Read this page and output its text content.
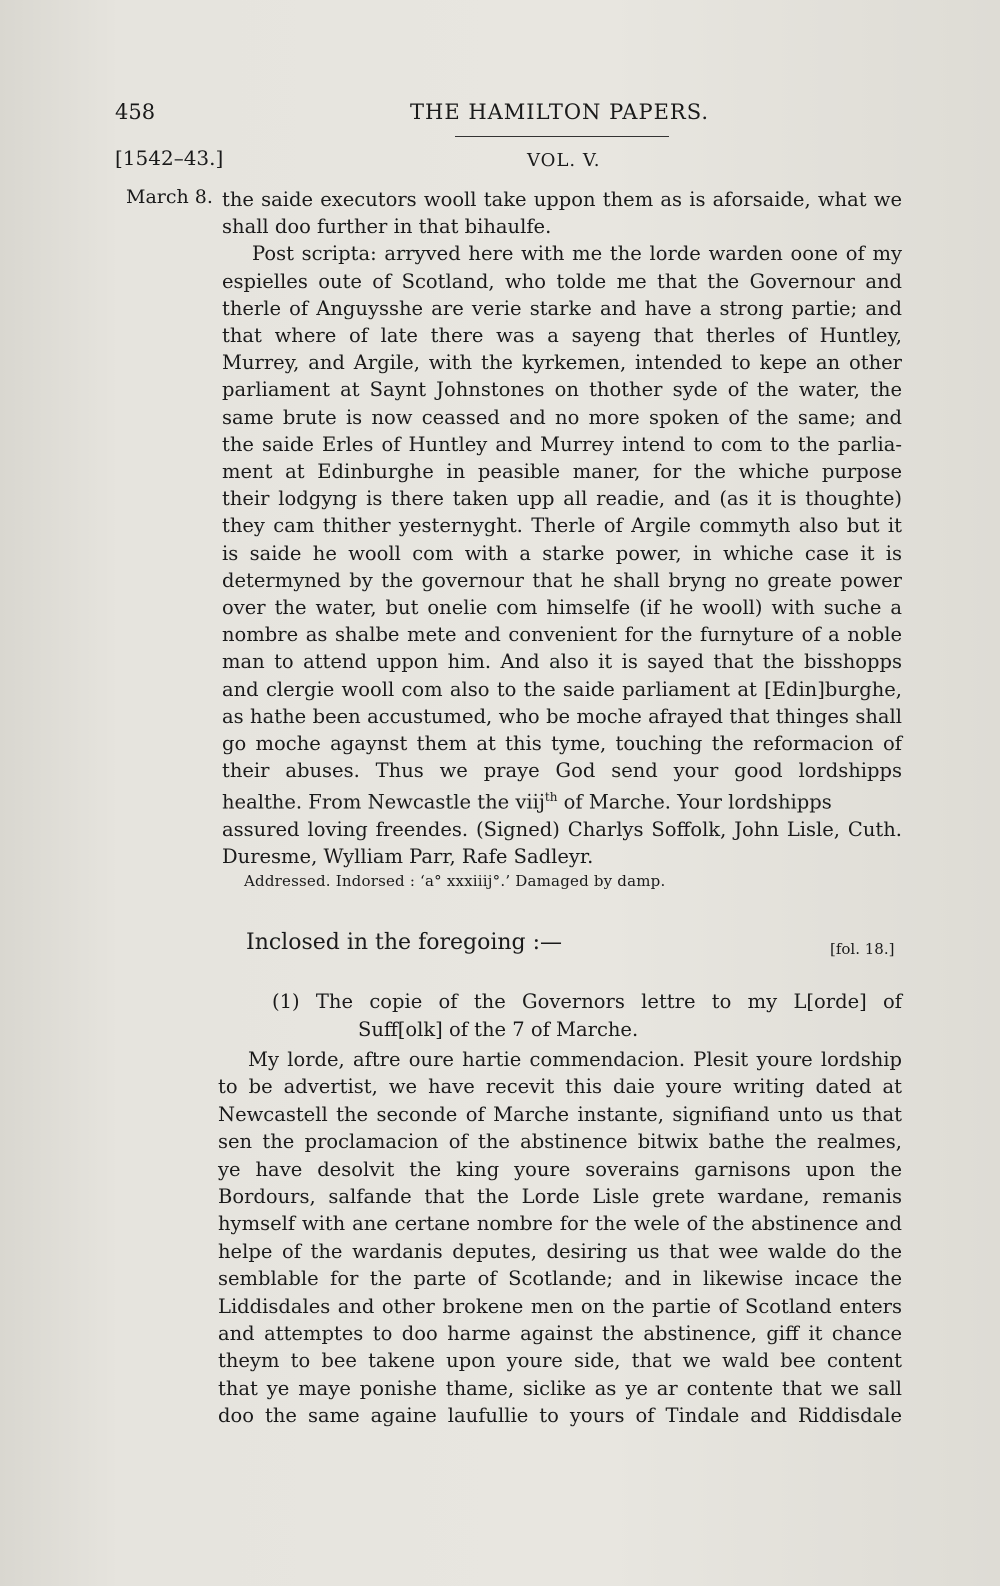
458	THE HAMILTON PAPERS.
[1542–43.]	VOL. V.
March 8. the saide executors wooll take uppon them as is aforsaide, what we
shall doo further in that bihaulfe.
Post scripta: arryved here with me the lorde warden oone of my
espielles oute of Scotland, who tolde me that the Governour and
therle of Anguysshe are verie starke and have a strong partie; and
that where of late there was a sayeng that therles of Huntley,
Murrey, and Argile, with the kyrkemen, intended to kepe an other
parliament at Saynt Johnstones on thother syde of the water, the
same brute is now ceassed and no more spoken of the same; and
the saide Erles of Huntley and Murrey intend to com to the parlia-
ment at Edinburghe in peasible maner, for the whiche purpose
their lodgyng is there taken upp all readie, and (as it is thoughte)
they cam thither yesternyght. Therle of Argile commyth also but it
is saide he wooll com with a starke power, in whiche case it is
determyned by the governour that he shall bryng no greate power
over the water, but onelie com himselfe (if he wooll) with suche a
nombre as shalbe mete and convenient for the furnyture of a noble
man to attend uppon him. And also it is sayed that the bisshopps
and clergie wooll com also to the saide parliament at [Edin]burghe,
as hathe been accustumed, who be moche afrayed that thinges shall
go moche agaynst them at this tyme, touching the reformacion of
their abuses. Thus we praye God send your good lordshipps
healthe. From Newcastle the viij$^{th}$ of Marche. Your lordshipps
assured loving freendes. (Signed) Charlys Soffolk, John Lisle, Cuth.
Duresme, Wylliam Parr, Rafe Sadleyr.
Addressed. Indorsed : ‘a° xxxiiij°.’ Damaged by damp.
Inclosed in the foregoing :—	[fol. 18.]
(1) The copie of the Governors lettre to my L[orde] of
Suff[olk] of the 7 of Marche.
My lorde, aftre oure hartie commendacion. Plesit youre lordship
to be advertist, we have recevit this daie youre writing dated at
Newcastell the seconde of Marche instante, signifiand unto us that
sen the proclamacion of the abstinence bitwix bathe the realmes,
ye have desolvit the king youre soverains garnisons upon the
Bordours, salfande that the Lorde Lisle grete wardane, remanis
hymself with ane certane nombre for the wele of the abstinence and
helpe of the wardanis deputes, desiring us that wee walde do the
semblable for the parte of Scotlande; and in likewise incace the
Liddisdales and other brokene men on the partie of Scotland enters
and attemptes to doo harme against the abstinence, giff it chance
theym to bee takene upon youre side, that we wald bee content
that ye maye ponishe thame, siclike as ye ar contente that we sall
doo the same againe laufullie to yours of Tindale and Riddisdale
